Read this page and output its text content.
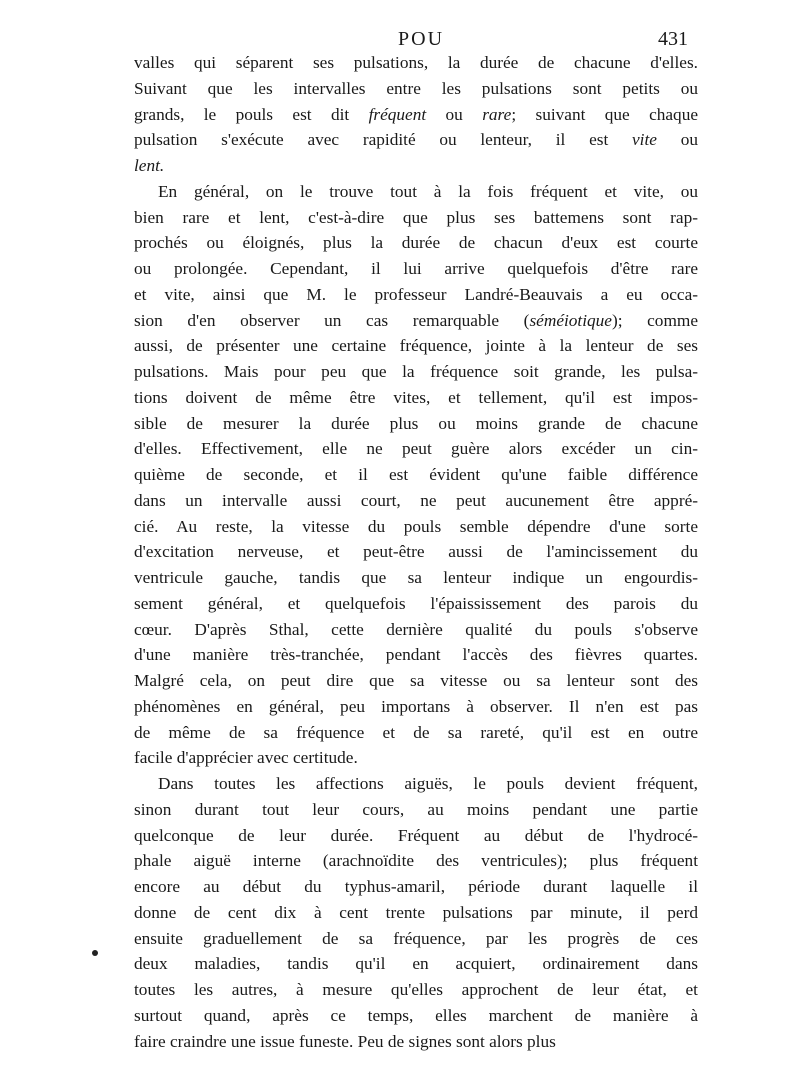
POU	431
valles qui séparent ses pulsations, la durée de chacune d'elles.
Suivant que les intervalles entre les pulsations sont petits ou
grands, le pouls est dit fréquent ou rare; suivant que chaque
pulsation s'exécute avec rapidité ou lenteur, il est vite ou
lent.
En général, on le trouve tout à la fois fréquent et vite, ou
bien rare et lent, c'est-à-dire que plus ses battemens sont rap-
prochés ou éloignés, plus la durée de chacun d'eux est courte
ou prolongée. Cependant, il lui arrive quelquefois d'être rare
et vite, ainsi que M. le professeur Landré-Beauvais a eu occa-
sion d'en observer un cas remarquable (séméiotique); comme
aussi, de présenter une certaine fréquence, jointe à la lenteur de ses
pulsations. Mais pour peu que la fréquence soit grande, les pulsa-
tions doivent de même être vites, et tellement, qu'il est impos-
sible de mesurer la durée plus ou moins grande de chacune
d'elles. Effectivement, elle ne peut guère alors excéder un cin-
quième de seconde, et il est évident qu'une faible différence
dans un intervalle aussi court, ne peut aucunement être appré-
cié. Au reste, la vitesse du pouls semble dépendre d'une sorte
d'excitation nerveuse, et peut-être aussi de l'amincissement du
ventricule gauche, tandis que sa lenteur indique un engourdis-
sement général, et quelquefois l'épaississement des parois du
cœur. D'après Sthal, cette dernière qualité du pouls s'observe
d'une manière très-tranchée, pendant l'accès des fièvres quartes.
Malgré cela, on peut dire que sa vitesse ou sa lenteur sont des
phénomènes en général, peu importans à observer. Il n'en est pas
de même de sa fréquence et de sa rareté, qu'il est en outre
facile d'apprécier avec certitude.
Dans toutes les affections aiguës, le pouls devient fréquent,
sinon durant tout leur cours, au moins pendant une partie
quelconque de leur durée. Fréquent au début de l'hydrocé-
phale aiguë interne (arachnoïdite des ventricules); plus fréquent
encore au début du typhus-amaril, période durant laquelle il
donne de cent dix à cent trente pulsations par minute, il perd
ensuite graduellement de sa fréquence, par les progrès de ces
deux maladies, tandis qu'il en acquiert, ordinairement dans
toutes les autres, à mesure qu'elles approchent de leur état, et
surtout quand, après ce temps, elles marchent de manière à
faire craindre une issue funeste. Peu de signes sont alors plus
